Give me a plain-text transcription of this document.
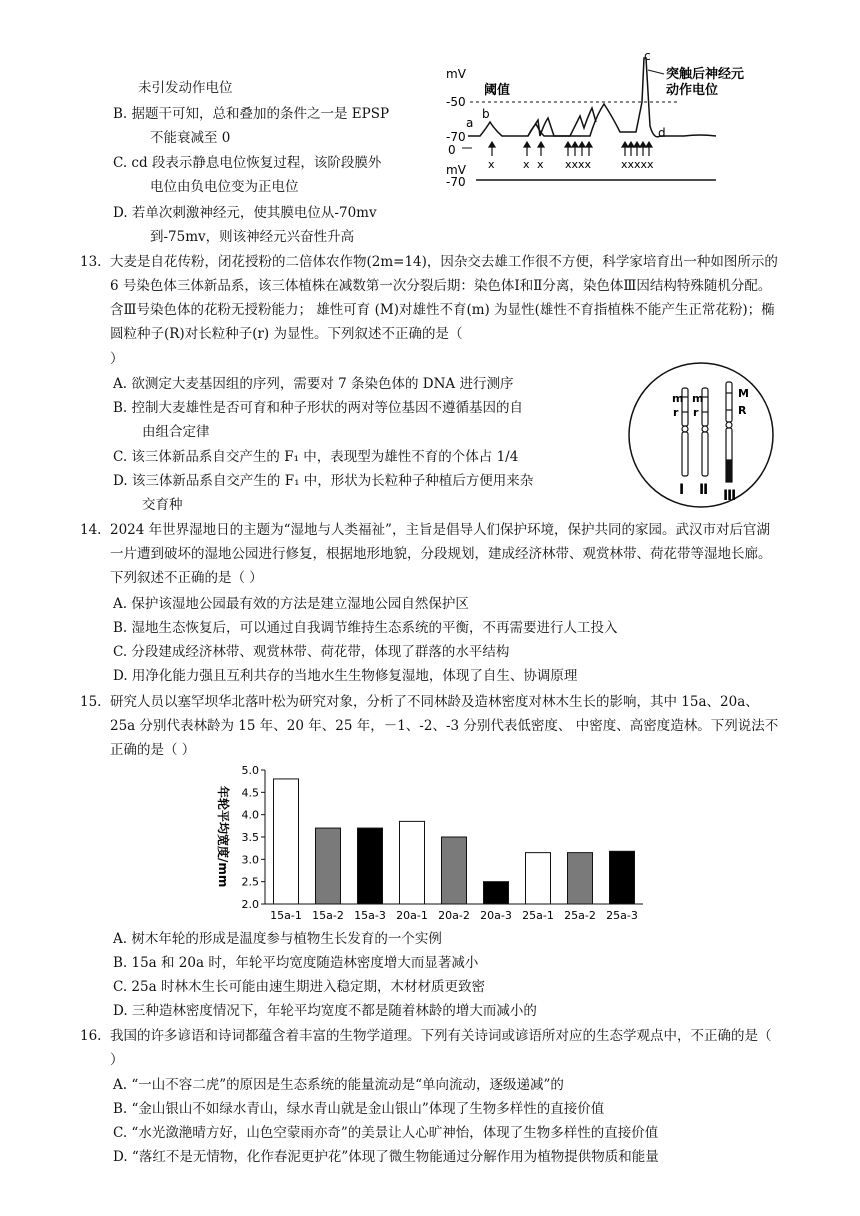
未引发动作电位
B. 据题干可知，总和叠加的条件之一是 EPSP
不能衰减至 0
C. cd 段表示静息电位恢复过程，该阶段膜外
电位由负电位变为正电位
D. 若单次刺激神经元，使其膜电位从-70mv
到-75mv，则该神经元兴奋性升高
mV
-50
阈值
-70
0
a
b
c
d
突触后神经元
动作电位
mV
-70
x	x x xxxx	xxxxx
13. 大麦是自花传粉，闭花授粉的二倍体农作物(2m=14)，因杂交去雄工作很不方便，科学家培育出一种如图所示的 6 号染色体三体新品系，该三体植株在减数第一次分裂后期：染色体Ⅰ和Ⅱ分离，染色体Ⅲ因结构特殊随机分配。含Ⅲ号染色体的花粉无授粉能力； 雄性可育 (M)对雄性不育(m) 为显性(雄性不育指植株不能产生正常花粉)；椭圆粒种子(R)对长粒种子(r) 为显性。下列叙述不正确的是（
）
A. 欲测定大麦基因组的序列，需要对 7 条染色体的 DNA 进行测序
B. 控制大麦雄性是否可育和种子形状的两对等位基因不遵循基因的自
由组合定律
C. 该三体新品系自交产生的 F₁ 中，表现型为雄性不育的个体占 1/4
D. 该三体新品系自交产生的 F₁ 中，形状为长粒种子种植后方便用来杂
交育种
m
r
Ⅰ
m
r
Ⅱ
M
R
Ⅲ
14. 2024 年世界湿地日的主题为“湿地与人类福祉”，主旨是倡导人们保护环境，保护共同的家园。武汉市对后官湖一片遭到破坏的湿地公园进行修复，根据地形地貌，分段规划，建成经济林带、观赏林带、荷花带等湿地长廊。下列叙述不正确的是（ ）
A. 保护该湿地公园最有效的方法是建立湿地公园自然保护区
B. 湿地生态恢复后，可以通过自我调节维持生态系统的平衡，不再需要进行人工投入
C. 分段建成经济林带、观赏林带、荷花带，体现了群落的水平结构
D. 用净化能力强且互利共存的当地水生生物修复湿地，体现了自生、协调原理
15. 研究人员以塞罕坝华北落叶松为研究对象，分析了不同林龄及造林密度对林木生长的影响，其中 15a、20a、25a 分别代表林龄为 15 年、20 年、25 年，－1、-2、-3 分别代表低密度、 中密度、高密度造林。下列说法不正确的是（ ）
年轮平均宽度/mm
2.0
2.5
3.0
3.5
4.0
4.5
5.0
15a-1 15a-2 15a-3 20a-1 20a-2 20a-3 25a-1 25a-2 25a-3
A. 树木年轮的形成是温度参与植物生长发育的一个实例
B. 15a 和 20a 时，年轮平均宽度随造林密度增大而显著减小
C. 25a 时林木生长可能由速生期进入稳定期，木材材质更致密
D. 三种造林密度情况下，年轮平均宽度不都是随着林龄的增大而减小的
16. 我国的许多谚语和诗词都蕴含着丰富的生物学道理。下列有关诗词或谚语所对应的生态学观点中，不正确的是（ ）
A. “一山不容二虎”的原因是生态系统的能量流动是“单向流动，逐级递减”的
B. “金山银山不如绿水青山，绿水青山就是金山银山”体现了生物多样性的直接价值
C. “水光潋滟晴方好，山色空蒙雨亦奇”的美景让人心旷神怡，体现了生物多样性的直接价值
D. “落红不是无情物，化作春泥更护花”体现了微生物能通过分解作用为植物提供物质和能量
